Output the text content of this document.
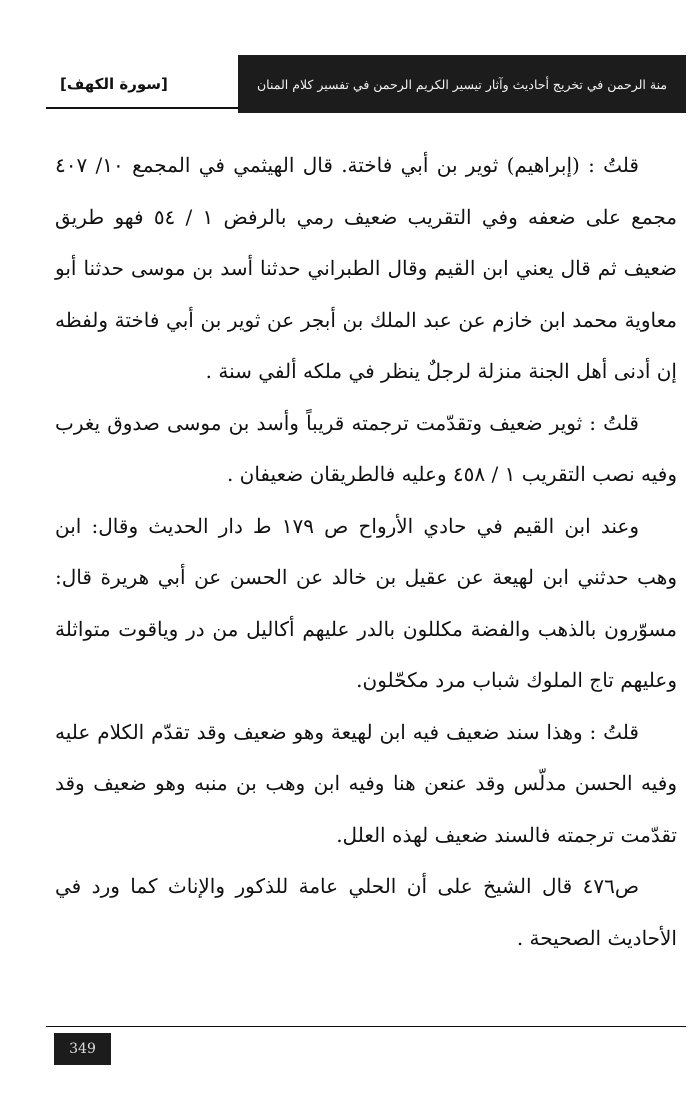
منة الرحمن في تخريج أحاديث وآثار تيسير الكريم الرحمن في تفسير كلام المنان
[سورة الكهف]

قلتُ : (إبراهيم) ثوير بن أبي فاختة. قال الهيثمي في المجمع ١٠/ ٤٠٧ مجمع على ضعفه وفي التقريب ضعيف رمي بالرفض ١ / ٥٤ فهو طريق ضعيف ثم قال يعني ابن القيم وقال الطبراني حدثنا أسد بن موسى حدثنا أبو معاوية محمد ابن خازم عن عبد الملك بن أبجر عن ثوير بن أبي فاختة ولفظه إن أدنى أهل الجنة منزلة لرجلٌ ينظر في ملكه ألفي سنة .

قلتُ : ثوير ضعيف وتقدّمت ترجمته قريباً وأسد بن موسى صدوق يغرب وفيه نصب التقريب ١ / ٤٥٨ وعليه فالطريقان ضعيفان .

وعند ابن القيم في حادي الأرواح ص ١٧٩ ط دار الحديث وقال: ابن وهب حدثني ابن لهيعة عن عقيل بن خالد عن الحسن عن أبي هريرة قال: مسوّرون بالذهب والفضة مكللون بالدر عليهم أكاليل من در وياقوت متواثلة وعليهم تاج الملوك شباب مرد مكحّلون.

قلتُ : وهذا سند ضعيف فيه ابن لهيعة وهو ضعيف وقد تقدّم الكلام عليه وفيه الحسن مدلّس وقد عنعن هنا وفيه ابن وهب بن منبه وهو ضعيف وقد تقدّمت ترجمته فالسند ضعيف لهذه العلل.

ص٤٧٦ قال الشيخ على أن الحلي عامة للذكور والإناث كما ورد في الأحاديث الصحيحة .

349
